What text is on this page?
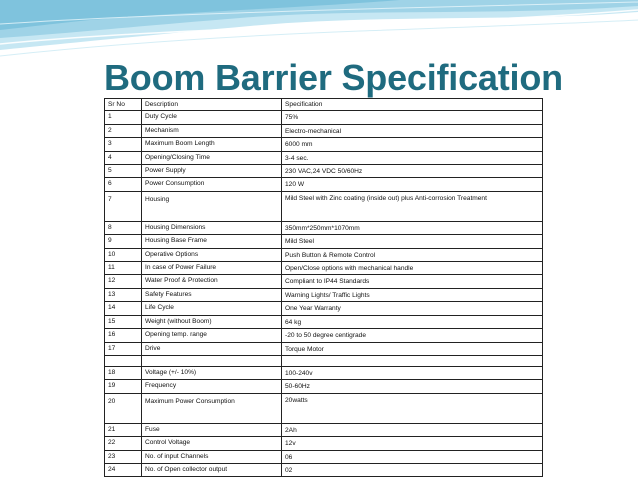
Boom Barrier Specification
Sr No	Description	Specification
1	Duty Cycle	75%
2	Mechanism	Electro-mechanical
3	Maximum Boom Length	6000 mm
4	Opening/Closing Time	3-4 sec.
5	Power Supply	230 VAC,24 VDC 50/60Hz
6	Power Consumption	120 W
7	Housing	Mild Steel with Zinc coating (inside out) plus Anti-corrosion Treatment
8	Housing Dimensions	350mm*250mm*1070mm
9	Housing Base Frame	Mild Steel
10	Operative Options	Push Button & Remote Control
11	In case of Power Failure	Open/Close options with mechanical handle
12	Water Proof & Protection	Compliant to IP44 Standards
13	Safety Features	Warning Lights/ Traffic Lights
14	Life Cycle	One Year Warranty
15	Weight (without Boom)	64 kg
16	Opening temp. range	-20 to 50 degree centigrade
17	Drive	Torque Motor

18	Voltage (+/- 10%)	100-240v
19	Frequency	50-60Hz
20	Maximum Power Consumption	20watts
21	Fuse	2Ah
22	Control Voltage	12v
23	No. of input Channels	06
24	No. of Open collector output	02
